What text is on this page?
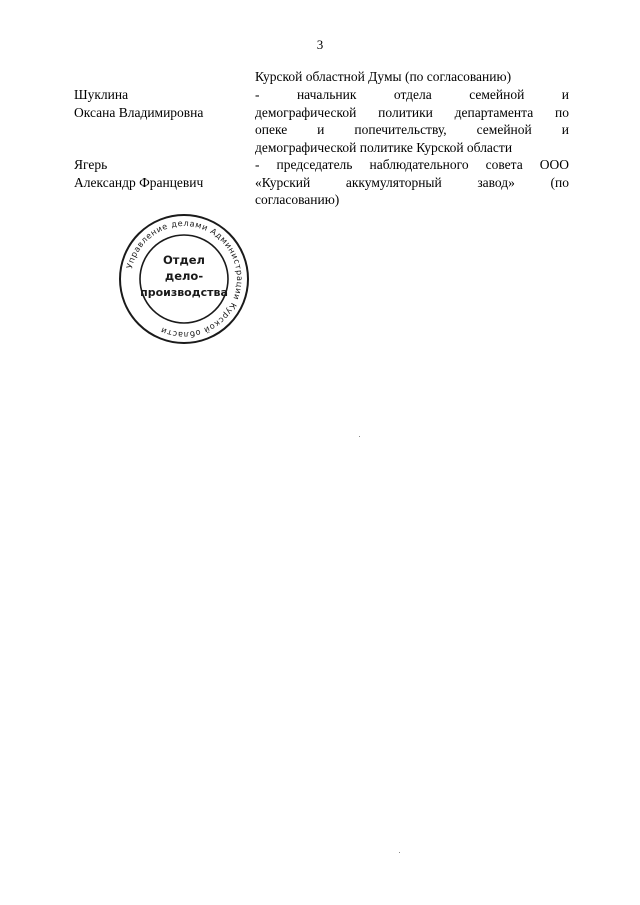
3
Курской областной Думы (по согласованию)
Шуклина
Оксана Владимировна
- начальник отдела семейной и
демографической политики департамента по
опеке и попечительству, семейной и
демографической политике Курской области
Ягерь
Александр Францевич
- председатель наблюдательного совета ООО
«Курский аккумуляторный завод» (по
согласованию)
Управление делами Администрации Курской области
Отдел
дело-
производства
